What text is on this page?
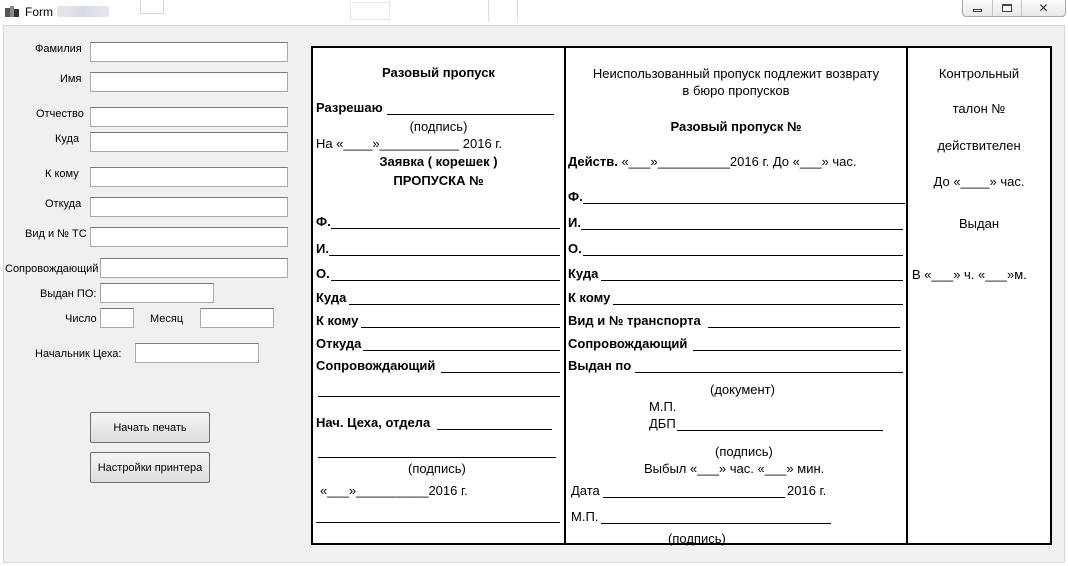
Form	✕
Фамилия
Имя
Отчество
Куда
К кому
Откуда
Вид и № ТС
Сопровождающий
Выдан ПО:
Число	Месяц
Начальник Цеха:
Начать печать
Настройки принтера
Разовый пропуск
Разрешаю
(подпись)
На «____»___________ 2016 г.
Заявка ( корешек )
ПРОПУСКА №
Ф.
И.
О.
Куда
К кому
Откуда
Сопровождающий
Нач. Цеха, отдела
(подпись)
«___»__________2016 г.
Неиспользованный пропуск подлежит возврату
в бюро пропусков
Разовый пропуск №
Действ. «___»__________2016 г. До «___» час.
Ф.
И.
О.
Куда
К кому
Вид и № транспорта
Сопровождающий
Выдан по
(документ)
М.П.
ДБП
(подпись)
Выбыл «___» час. «___» мин.
Дата	2016 г.
М.П.
(подпись)
Контрольный
талон №
действителен
До «____» час.
Выдан
В «___» ч. «___»м.
